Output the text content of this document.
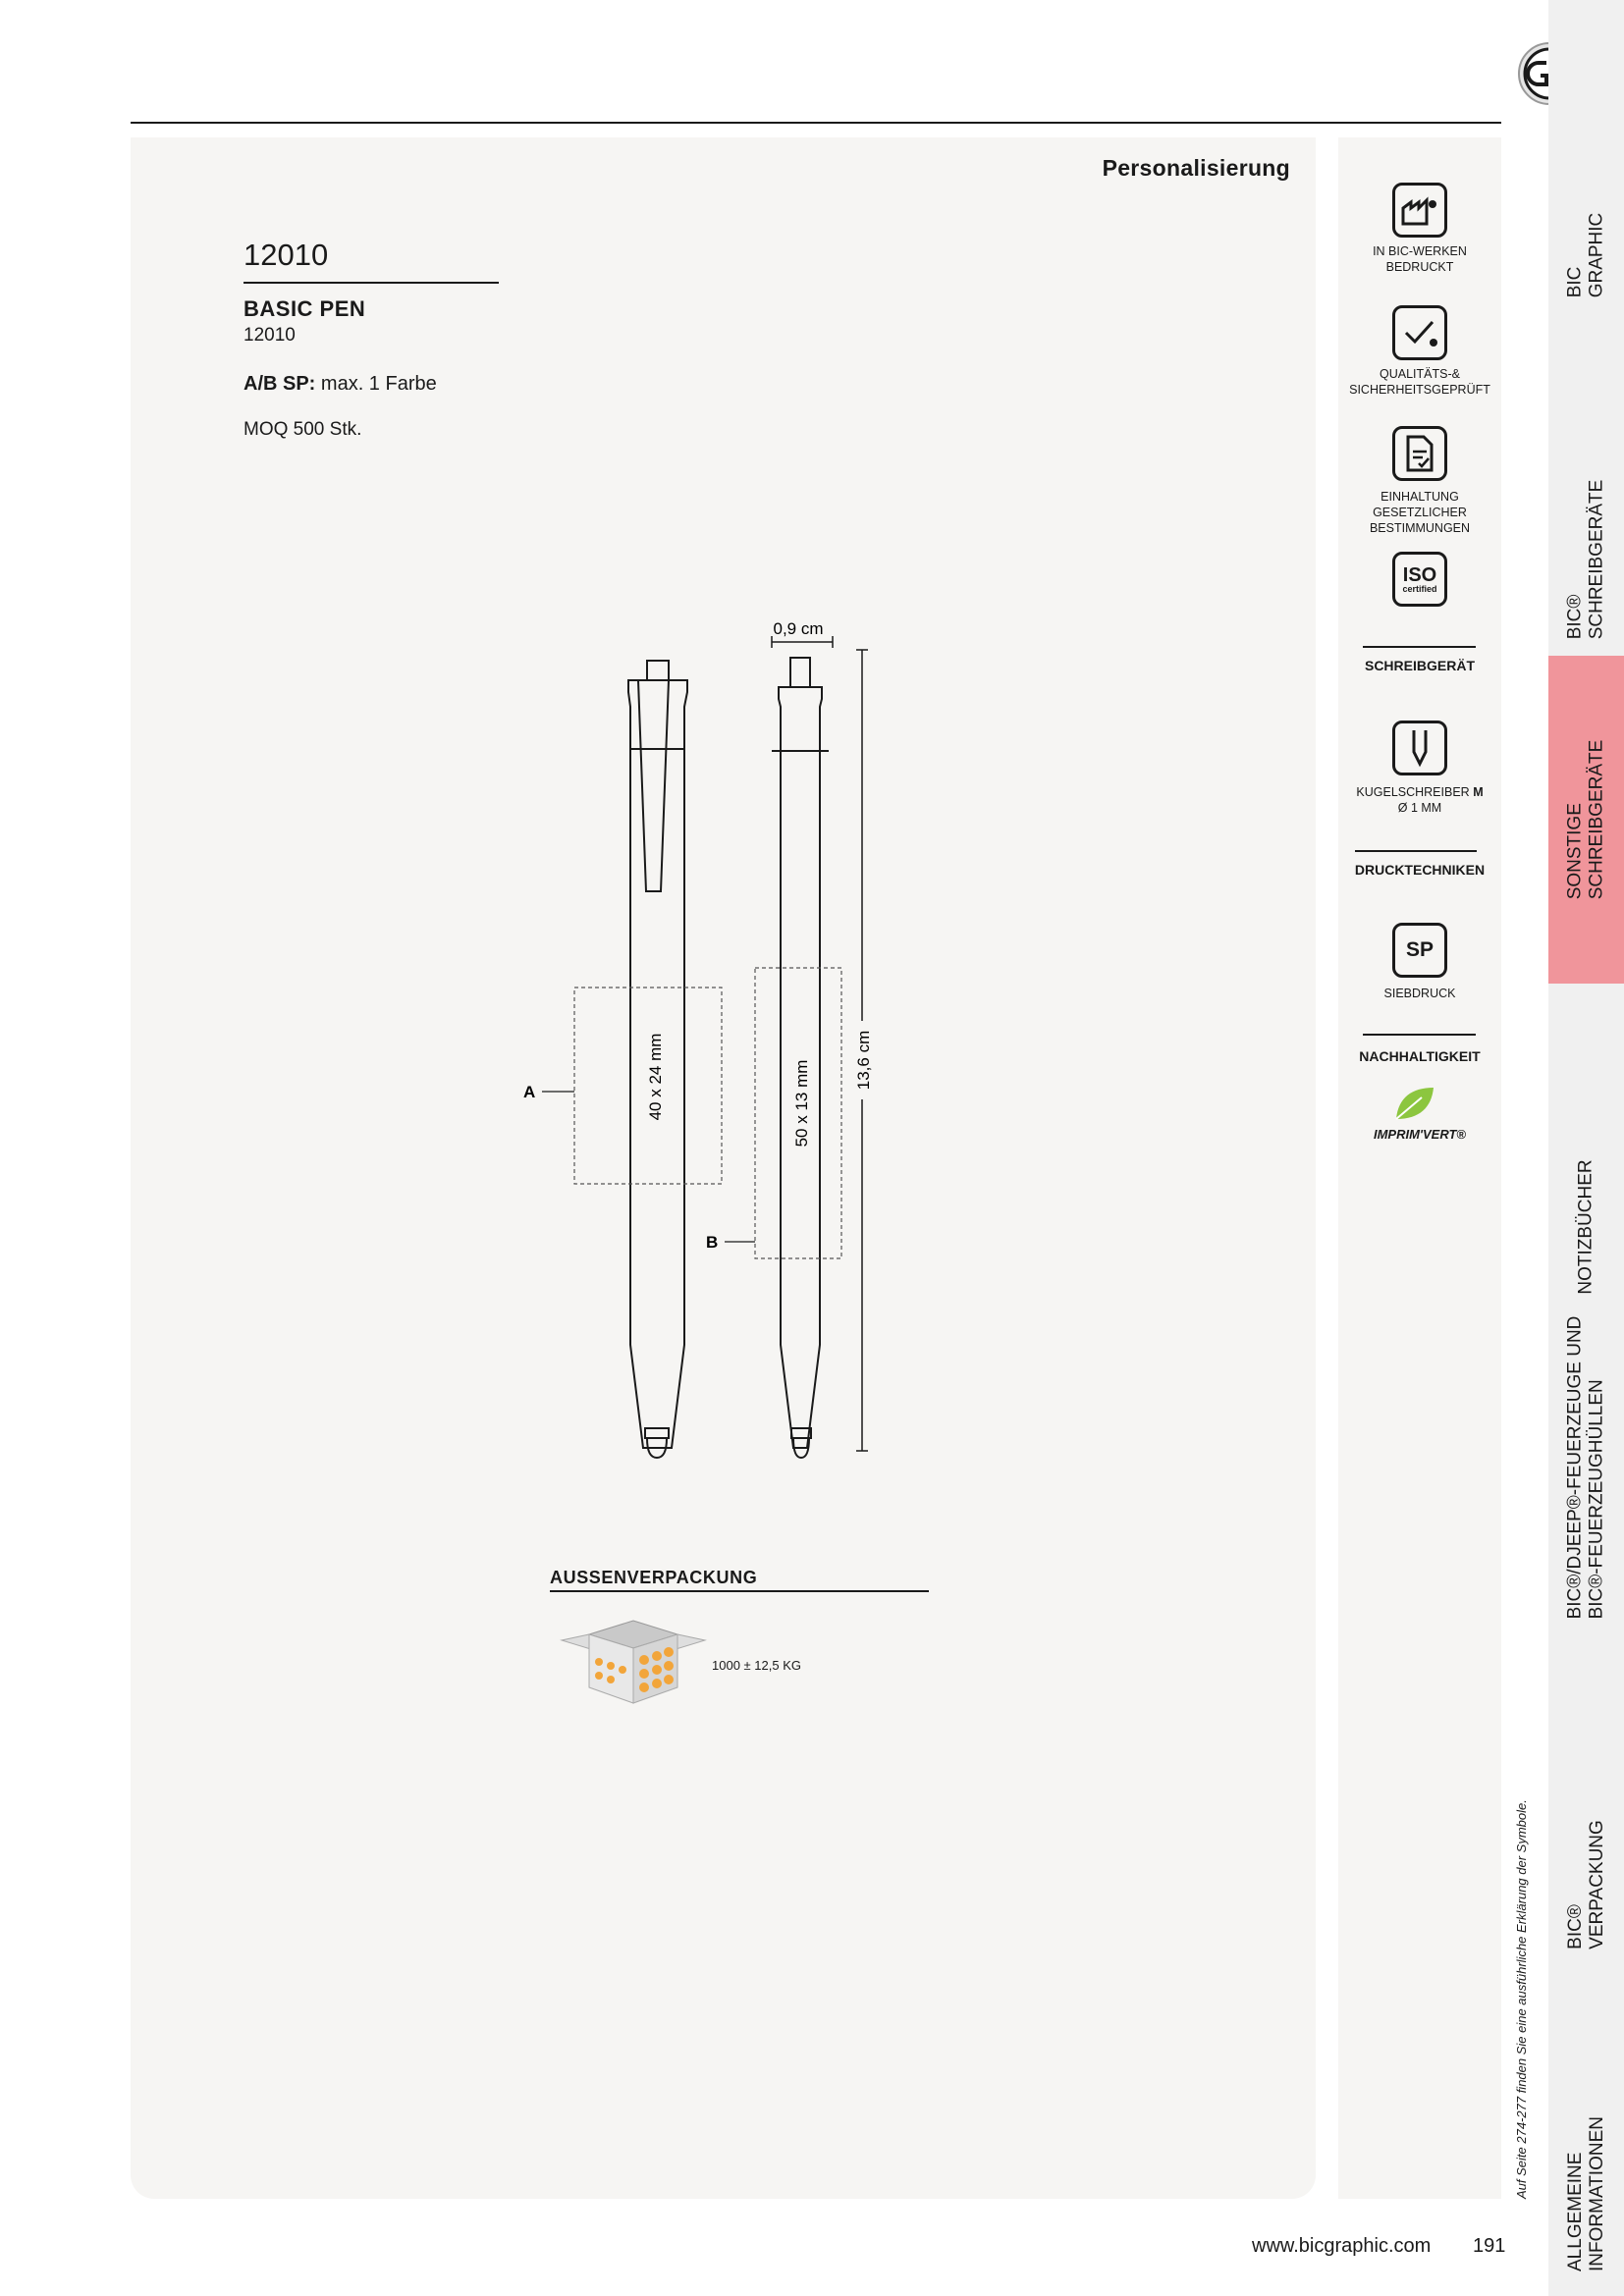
Personalisierung
12010
BASIC PEN
12010
A/B SP: max. 1 Farbe
MOQ 500 Stk.
0,9 cm
13,6 cm
A	40 x 24 mm
B
50 x 13 mm
AUSSENVERPACKUNG
1000 ± 12,5 KG
IN BIC-WERKEN BEDRUCKT
QUALITÄTS-& SICHERHEITSGEPRÜFT
EINHALTUNG GESETZLICHER BESTIMMUNGEN
ISO
certified
SCHREIBGERÄT
KUGELSCHREIBER M
Ø 1 MM
DRUCKTECHNIKEN
SP
SIEBDRUCK
NACHHALTIGKEIT
IMPRIM'VERT®
Auf Seite 274-277 finden Sie eine ausführliche Erklärung der Symbole.
BIC
GRAPHIC
BIC®
SCHREIBGERÄTE
SONSTIGE
SCHREIBGERÄTE
NOTIZBÜCHER
BIC®/DJEEP®-FEUERZEUGE UND
BIC®-FEUERZEUGHÜLLEN
BIC®
VERPACKUNG
ALLGEMEINE
INFORMATIONEN
www.bicgraphic.com 191
